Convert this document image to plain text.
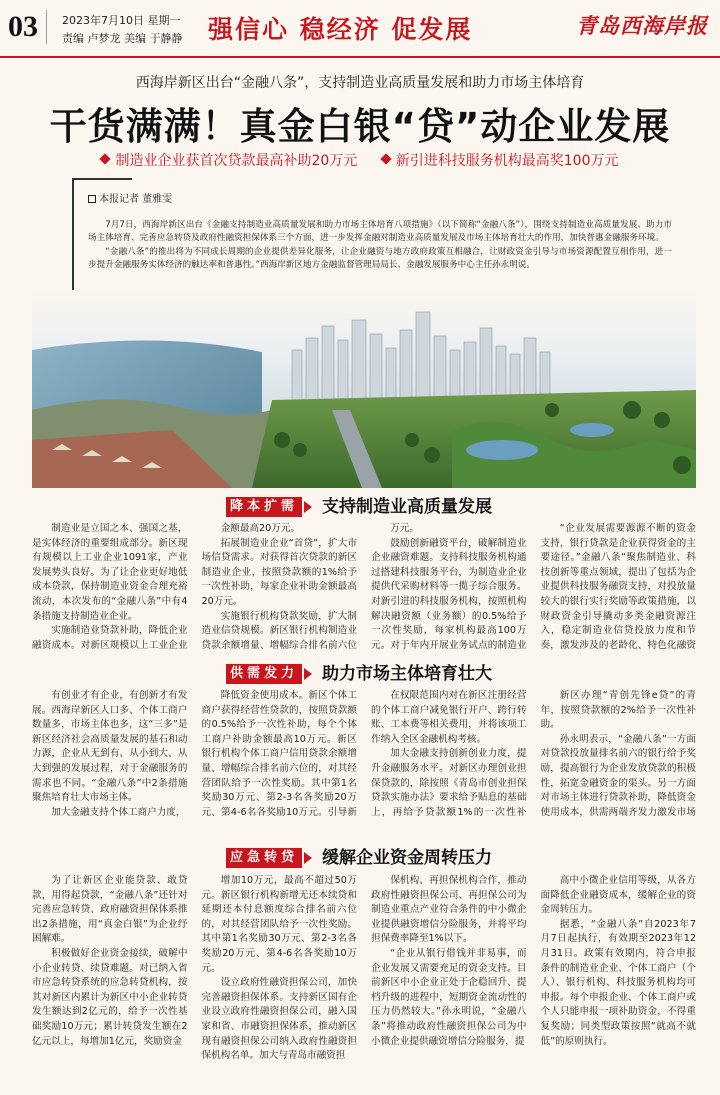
03	2023年7月10日 星期一
责编 卢梦龙 美编 于静静 强信心 稳经济 促发展	青岛西海岸报
西海岸新区出台“金融八条”，支持制造业高质量发展和助力市场主体培育
干货满满！真金白银“贷”动企业发展
制造业企业获首次贷款最高补助20万元	新引进科技服务机构最高奖100万元
本报记者 董雅雯

7月7日，西海岸新区出台《金融支持制造业高质量发展和助力市场主体培育八项措施》（以下简称“金融八条”），围绕支持制造业高质量发展、助力市场主体培育、完善应急转贷及政府性融资担保体系三个方面，进一步发挥金融对制造业高质量发展及市场主体培育壮大的作用，加快普惠金融服务环境。

“金融八条”的推出将为不同成长周期的企业提供差异化服务，让企业融资与地方政府政策互相融合，让财政资金引导与市场资源配置互相作用，进一步提升金融服务实体经济的触达率和普惠性。”西海岸新区地方金融监督管理局局长、金融发展服务中心主任孙永明说。

降本扩需 支持制造业高质量发展

制造业是立国之本、强国之基，是实体经济的重要组成部分。新区现有规模以上工业企业1091家，产业发展势头良好。为了让企业更好地低成本贷款，保持制造业资金合理充裕流动，本次发布的“金融八条”中有4条措施支持制造业企业。

实施制造业贷款补助，降低企业融资成本。对新区规模以上工业企业

金额最高20万元。

拓展制造业企业“首贷”，扩大市场信贷需求。对获得首次贷款的新区制造业企业，按照贷款额的1%给予一次性补助，每家企业补助金额最高20万元。

实施银行机构贷款奖励，扩大制造业信贷规模。新区银行机构制造业贷款余额增量、增幅综合排名前六位

万元。

鼓励创新融资平台，破解制造业企业融资难题。支持科技服务机构通过搭建科技服务平台，为制造业企业提供代采购材料等一揽子综合服务。对新引进的科技服务机构，按照机构解决融资额（业务额）的0.5%给予一次性奖励，每家机构最高100万元。对于年内开展业务试点的制造业

“企业发展需要源源不断的资金支持，银行贷款是企业获得资金的主要途径。”金融八条“聚焦制造业、科技创新等重点领域，提出了包括为企业提供科技服务融资支持，对投放量较大的银行实行奖励等政策措施，以财政资金引导撬动多类金融资源注入，稳定制造业信贷投放力度和节奏，激发涉及的老龄化、特色化融资

供需发力 助力市场主体培育壮大

有创业才有企业，有创新才有发展。西海岸新区人口多、个体工商户数量多，市场主体也多，这“三多”是新区经济社会高质量发展的基石和动力源，企业从无到有、从小到大、从大到强的发展过程，对于金融服务的需求也不同。“金融八条”中2条措施聚焦培育壮大市场主体。

加大金融支持个体工商户力度，

降低资金使用成本。新区个体工商户获得经营性贷款的，按照贷款额的0.5%给予一次性补助，每个个体工商户补助金额最高10万元。新区银行机构个体工商户信用贷款余额增量、增幅综合排名前六位的，对其经营团队给予一次性奖励。其中第1名奖励30万元、第2-3名各奖励20万元、第4-6名各奖励10万元。引导新

在权限范围内对在新区注册经营的个体工商户减免银行开户、跨行转账、工本费等相关费用，并将该项工作纳入全区金融机构考核。

加大金融支持创新创业力度，提升金融服务水平。对新区办理创业担保贷款的，除按照《青岛市创业担保贷款实施办法》要求给予贴息的基础上，再给予贷款额1%的一次性补

新区办理“青创先锋e贷”的青年，按照贷款额的2%给予一次性补助。

孙永明表示，“金融八条”一方面对贷款投放量排名前六的银行给予奖励，提高银行为企业发放贷款的积极性，拓宽金融资金的渠头。另一方面对市场主体进行贷款补助，降低资金使用成本，供需两端齐发力激发市场

应急转贷 缓解企业资金周转压力

为了让新区企业能贷款、敢贷款，用得起贷款，“金融八条”还针对完善应急转贷、政府融资担保体系推出2条措施，用“真金白银”为企业纾困解难。

积极做好企业资金接续，破解中小企业转贷、续贷难题。对已纳入省市应急转贷系统的应急转贷机构，按其对新区内累计为新区中小企业转贷发生额达到2亿元的，给予一次性基础奖励10万元；累计转贷发生额在2亿元以上，每增加1亿元，奖励资金

增加10万元，最高不超过50万元。新区银行机构新增无还本续贷和延期还本付息额度综合排名前六位的，对其经营团队给予一次性奖励。其中第1名奖励30万元、第2-3名各奖励20万元、第4-6名各奖励10万元。

设立政府性融资担保公司，加快完善融资担保体系。支持新区国有企业设立政府性融资担保公司，融入国家和省、市融资担保体系，推动新区现有融资担保公司纳入政府性融资担保机构名单。加大与青岛市融资担

保机构、再担保机构合作，推动政府性融资担保公司、再担保公司为制造业重点产业符合条件的中小微企业提供融资增信分险服务，并将平均担保费率降至1%以下。

“企业从银行借钱并非易事，而企业发展又需要充足的资金支持。目前新区中小企业正处于企稳回升、提档升级的进程中，短期资金流动性的压力仍然较大。”孙永明说，“金融八条”将推动政府性融资担保公司为中小微企业提供融资增信分险服务，提

高中小微企业信用等级，从各方面降低企业融资成本，缓解企业的资金周转压力。

据悉，“金融八条”自2023年7月7日起执行，有效期至2023年12月31日。政策有效期内，符合申报条件的制造业企业、个体工商户（个人）、银行机构、科技服务机构均可申报。每个申报企业、个体工商户或个人只能申报一项补助资金，不得重复奖励；同类型政策按照“就高不就低”的原则执行。
